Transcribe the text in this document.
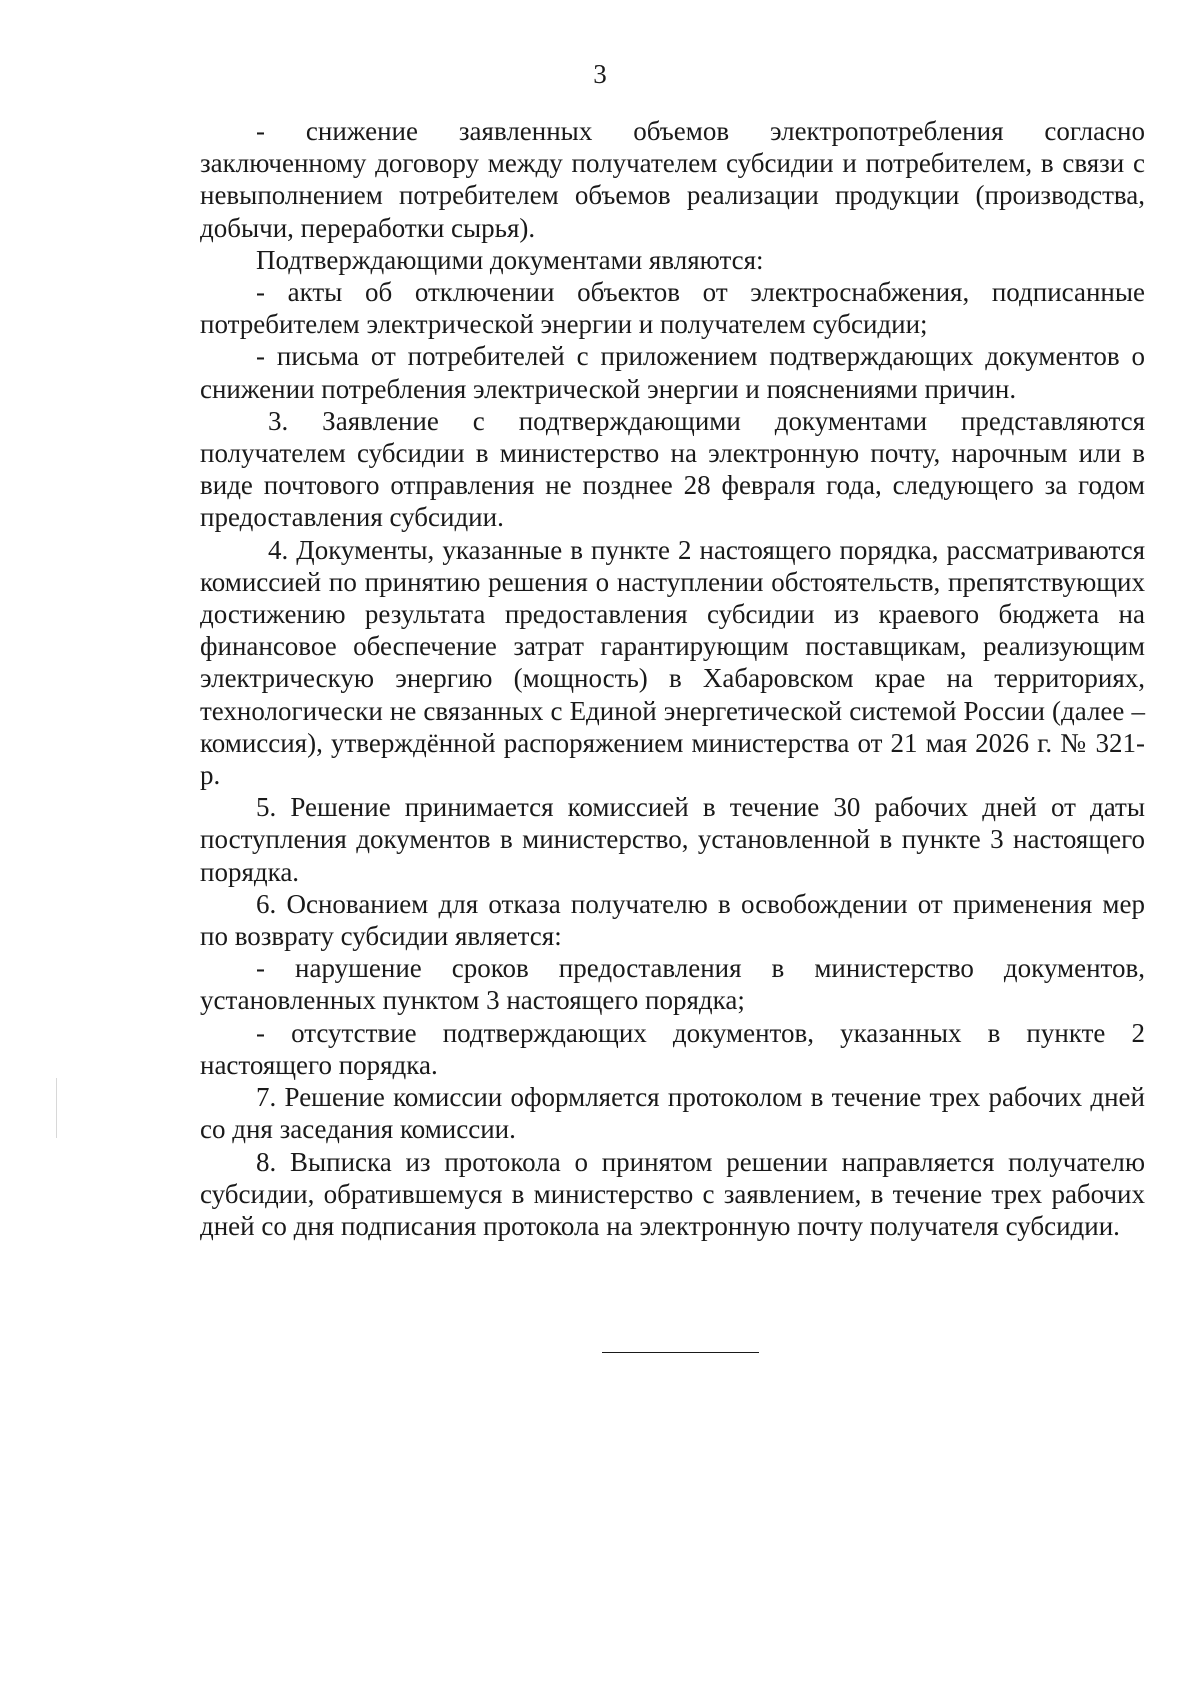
3

- снижение заявленных объемов электропотребления согласно заключенному договору между получателем субсидии и потребителем, в связи с невыполнением потребителем объемов реализации продукции (производства, добычи, переработки сырья).

Подтверждающими документами являются:

- акты об отключении объектов от электроснабжения, подписанные потребителем электрической энергии и получателем субсидии;

- письма от потребителей с приложением подтверждающих документов о снижении потребления электрической энергии и пояснениями причин.

3. Заявление с подтверждающими документами представляются получателем субсидии в министерство на электронную почту, нарочным или в виде почтового отправления не позднее 28 февраля года, следующего за годом предоставления субсидии.

4. Документы, указанные в пункте 2 настоящего порядка, рассматриваются комиссией по принятию решения о наступлении обстоятельств, препятствующих достижению результата предоставления субсидии из краевого бюджета на финансовое обеспечение затрат гарантирующим поставщикам, реализующим электрическую энергию (мощность) в Хабаровском крае на территориях, технологически не связанных с Единой энергетической системой России (далее – комиссия), утверждённой распоряжением министерства от 21 мая 2026 г. № 321-р.

5. Решение принимается комиссией в течение 30 рабочих дней от даты поступления документов в министерство, установленной в пункте 3 настоящего порядка.

6. Основанием для отказа получателю в освобождении от применения мер по возврату субсидии является:

- нарушение сроков предоставления в министерство документов, установленных пунктом 3 настоящего порядка;

- отсутствие подтверждающих документов, указанных в пункте 2 настоящего порядка.

7. Решение комиссии оформляется протоколом в течение трех рабочих дней со дня заседания комиссии.

8. Выписка из протокола о принятом решении направляется получателю субсидии, обратившемуся в министерство с заявлением, в течение трех рабочих дней со дня подписания протокола на электронную почту получателя субсидии.
